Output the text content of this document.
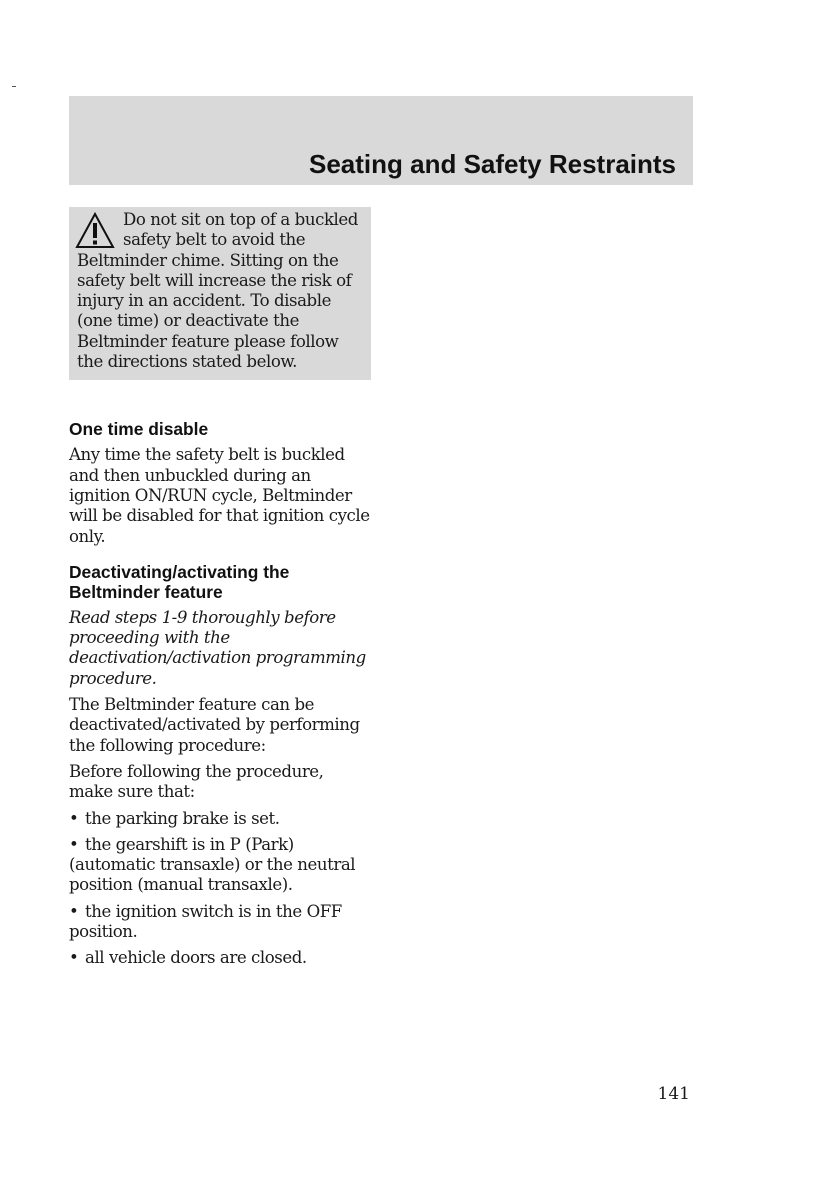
Seating and Safety Restraints

Do not sit on top of a buckled safety belt to avoid the Beltminder chime. Sitting on the safety belt will increase the risk of injury in an accident. To disable (one time) or deactivate the Beltminder feature please follow the directions stated below.

One time disable

Any time the safety belt is buckled and then unbuckled during an ignition ON/RUN cycle, Beltminder will be disabled for that ignition cycle only.

Deactivating/activating the Beltminder feature

Read steps 1-9 thoroughly before proceeding with the deactivation/activation programming procedure.

The Beltminder feature can be deactivated/activated by performing the following procedure:

Before following the procedure, make sure that:

• the parking brake is set.
• the gearshift is in P (Park) (automatic transaxle) or the neutral position (manual transaxle).
• the ignition switch is in the OFF position.
• all vehicle doors are closed.
141
